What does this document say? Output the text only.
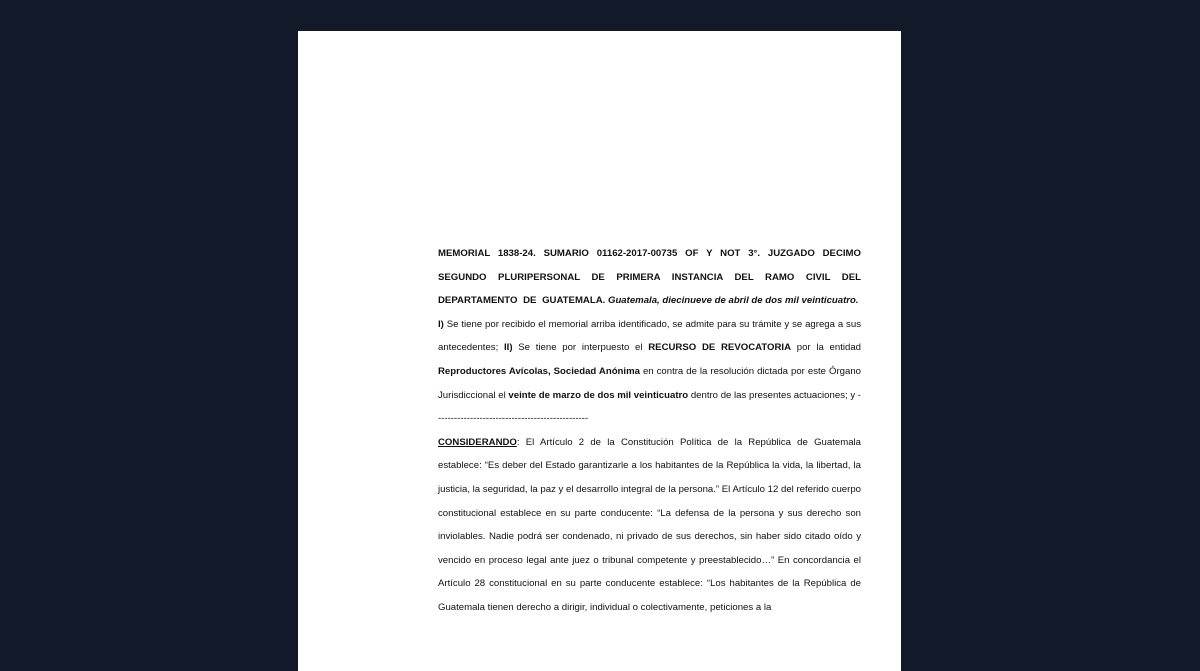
MEMORIAL 1838-24. SUMARIO 01162-2017-00735 OF Y NOT 3°. JUZGADO DECIMO SEGUNDO PLURIPERSONAL DE PRIMERA INSTANCIA DEL RAMO CIVIL DEL DEPARTAMENTO DE GUATEMALA. Guatemala, diecinueve de abril de dos mil veinticuatro.

I) Se tiene por recibido el memorial arriba identificado, se admite para su trámite y se agrega a sus antecedentes; II) Se tiene por interpuesto el RECURSO DE REVOCATORIA por la entidad Reproductores Avícolas, Sociedad Anónima en contra de la resolución dictada por este Órgano Jurisdiccional el veinte de marzo de dos mil veinticuatro dentro de las presentes actuaciones; y ------------------------------------------------

CONSIDERANDO: El Artículo 2 de la Constitución Política de la República de Guatemala establece: “Es deber del Estado garantizarle a los habitantes de la República la vida, la libertad, la justicia, la seguridad, la paz y el desarrollo integral de la persona.” El Artículo 12 del referido cuerpo constitucional establece en su parte conducente: “La defensa de la persona y sus derecho son inviolables. Nadie podrá ser condenado, ni privado de sus derechos, sin haber sido citado oído y vencido en proceso legal ante juez o tribunal competente y preestablecido…” En concordancia el Artículo 28 constitucional en su parte conducente establece: “Los habitantes de la República de Guatemala tienen derecho a dirigir, individual o colectivamente, peticiones a la
